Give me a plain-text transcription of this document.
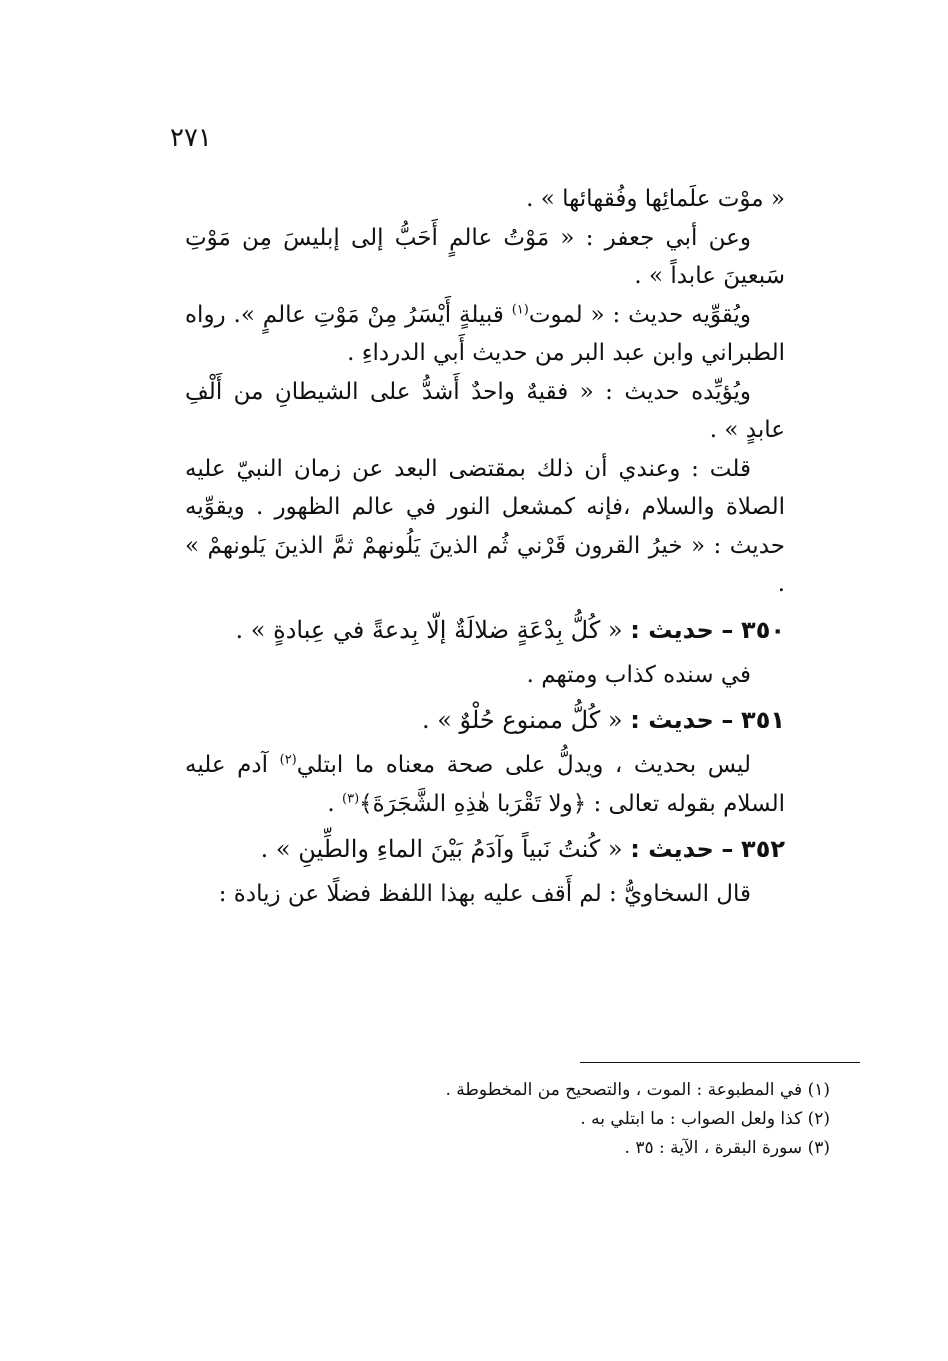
٢٧١

« موْت علَمائِها وفُقهائها » .

وعن أبي جعفر : « مَوْتُ عالمٍ أَحَبُّ إلى إبليسَ مِن مَوْتِ سَبعينَ عابداً » .

ويُقوِّيه حديث : « لموت$^{(١)}$ قبيلةٍ أَيْسَرُ مِنْ مَوْتِ عالمٍ ». رواه الطبراني وابن عبد البر من حديث أَبي الدرداءِ .

ويُؤيِّده حديث : « فقيهٌ واحدٌ أَشدُّ على الشيطانِ من أَلْفِ عابدٍ » .

قلت : وعندي أن ذلك بمقتضى البعد عن زمان النبيّ عليه الصلاة والسلام ،فإنه كمشعل النور في عالم الظهور . ويقوِّيه حديث : « خيرُ القرون قَرْني ثُم الذينَ يَلُونهمْ ثمَّ الذينَ يَلونهمْ » .

٣٥٠ – حديث : « كُلُّ بِدْعَةٍ ضلالَةٌ إلّا بِدعةً في عِبادةٍ » .

في سنده كذاب ومتهم .

٣٥١ – حديث : « كُلُّ ممنوع حُلْوٌ » .

ليس بحديث ، ويدلُّ على صحة معناه ما ابتلي$^{(٢)}$ آدم عليه السلام بقوله تعالى : ﴿ولا تَقْرَبا هٰذِهِ الشَّجَرَةَ﴾$^{(٣)}$ .

٣٥٢ – حديث : « كُنتُ نَبياً وآدَمُ بَيْنَ الماءِ والطِّينِ » .

قال السخاويُّ : لم أَقف عليه بهذا اللفظ فضلًا عن زيادة :

(١) في المطبوعة : الموت ، والتصحيح من المخطوطة .

(٢) كذا ولعل الصواب : ما ابتلي به .

(٣) سورة البقرة ، الآية : ٣٥ .
